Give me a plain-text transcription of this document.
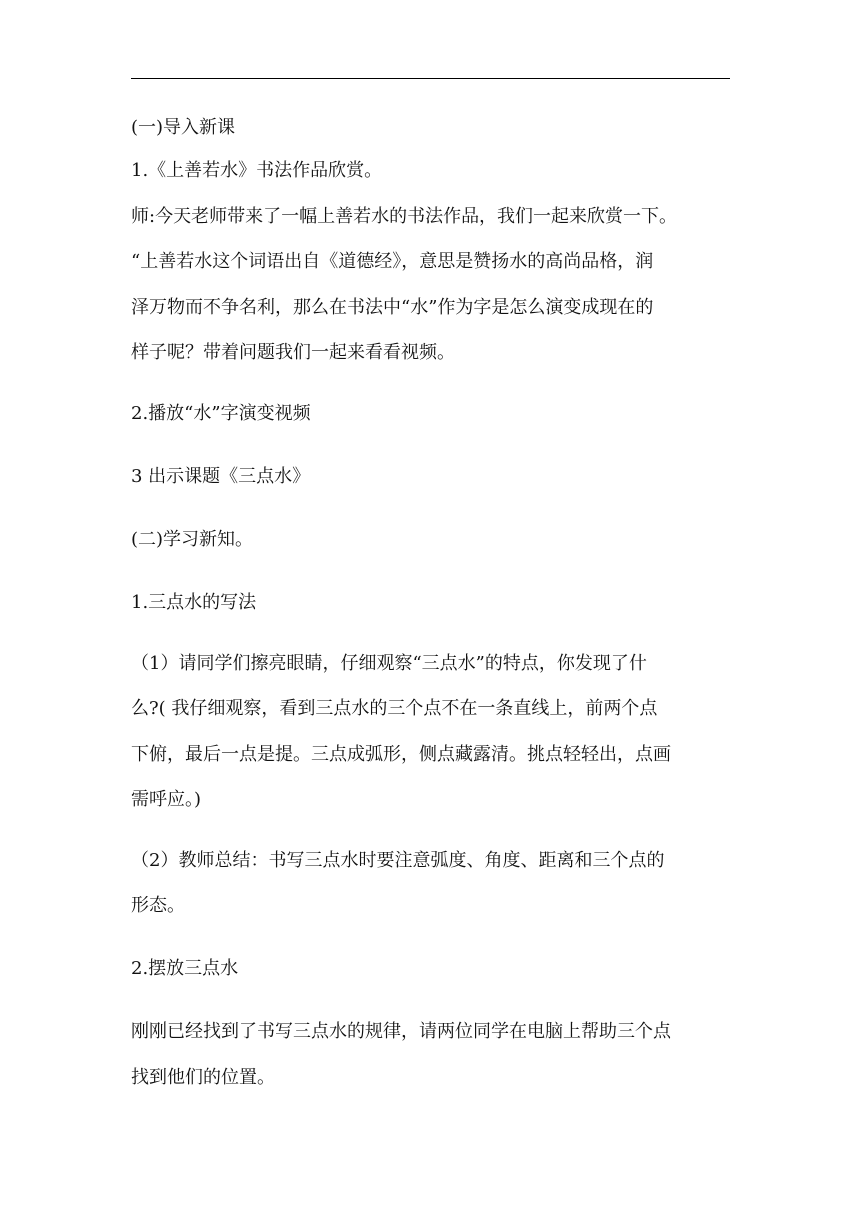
(一)导入新课
1.《上善若水》书法作品欣赏。
师:今天老师带来了一幅上善若水的书法作品，我们一起来欣赏一下。
“上善若水这个词语出自《道德经》，意思是赞扬水的高尚品格，润
泽万物而不争名利，那么在书法中“水”作为字是怎么演变成现在的
样子呢？带着问题我们一起来看看视频。
2.播放“水”字演变视频
3 出示课题《三点水》
(二)学习新知。
1.三点水的写法
（1）请同学们擦亮眼睛，仔细观察“三点水”的特点，你发现了什
么?( 我仔细观察，看到三点水的三个点不在一条直线上，前两个点
下俯，最后一点是提。三点成弧形，侧点藏露清。挑点轻轻出，点画
需呼应。)
（2）教师总结：书写三点水时要注意弧度、角度、距离和三个点的
形态。
2.摆放三点水
刚刚已经找到了书写三点水的规律，请两位同学在电脑上帮助三个点
找到他们的位置。
